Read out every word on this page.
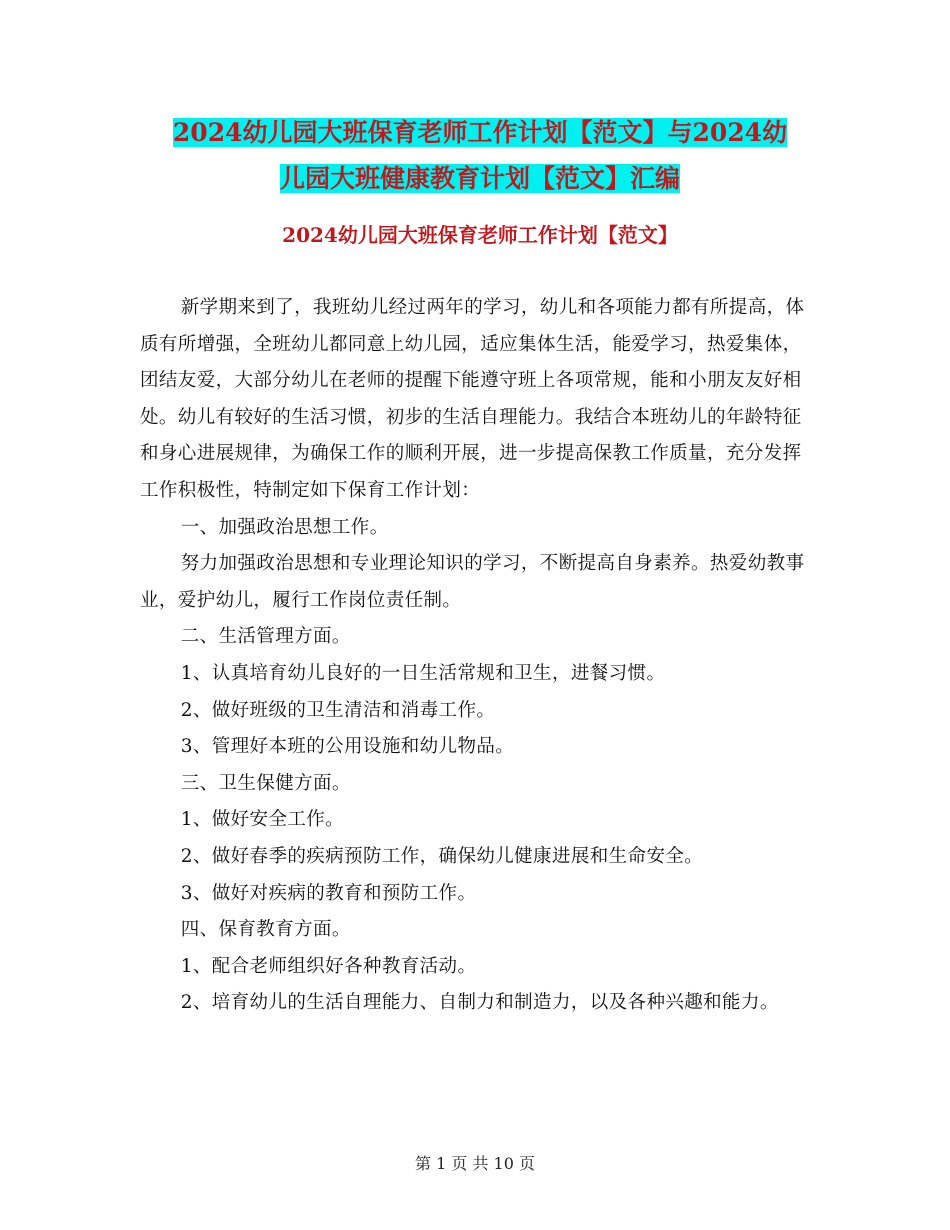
2024幼儿园大班保育老师工作计划【范文】与2024幼
儿园大班健康教育计划【范文】汇编
2024幼儿园大班保育老师工作计划【范文】

新学期来到了，我班幼儿经过两年的学习，幼儿和各项能力都有所提高，体质有所增强，全班幼儿都同意上幼儿园，适应集体生活，能爱学习，热爱集体，团结友爱，大部分幼儿在老师的提醒下能遵守班上各项常规，能和小朋友友好相处。幼儿有较好的生活习惯，初步的生活自理能力。我结合本班幼儿的年龄特征和身心进展规律，为确保工作的顺利开展，进一步提高保教工作质量，充分发挥工作积极性，特制定如下保育工作计划：

一、加强政治思想工作。

努力加强政治思想和专业理论知识的学习，不断提高自身素养。热爱幼教事业，爱护幼儿，履行工作岗位责任制。

二、生活管理方面。

1、认真培育幼儿良好的一日生活常规和卫生，进餐习惯。

2、做好班级的卫生清洁和消毒工作。

3、管理好本班的公用设施和幼儿物品。

三、卫生保健方面。

1、做好安全工作。

2、做好春季的疾病预防工作，确保幼儿健康进展和生命安全。

3、做好对疾病的教育和预防工作。

四、保育教育方面。

1、配合老师组织好各种教育活动。

2、培育幼儿的生活自理能力、自制力和制造力，以及各种兴趣和能力。

第 1 页 共 10 页
